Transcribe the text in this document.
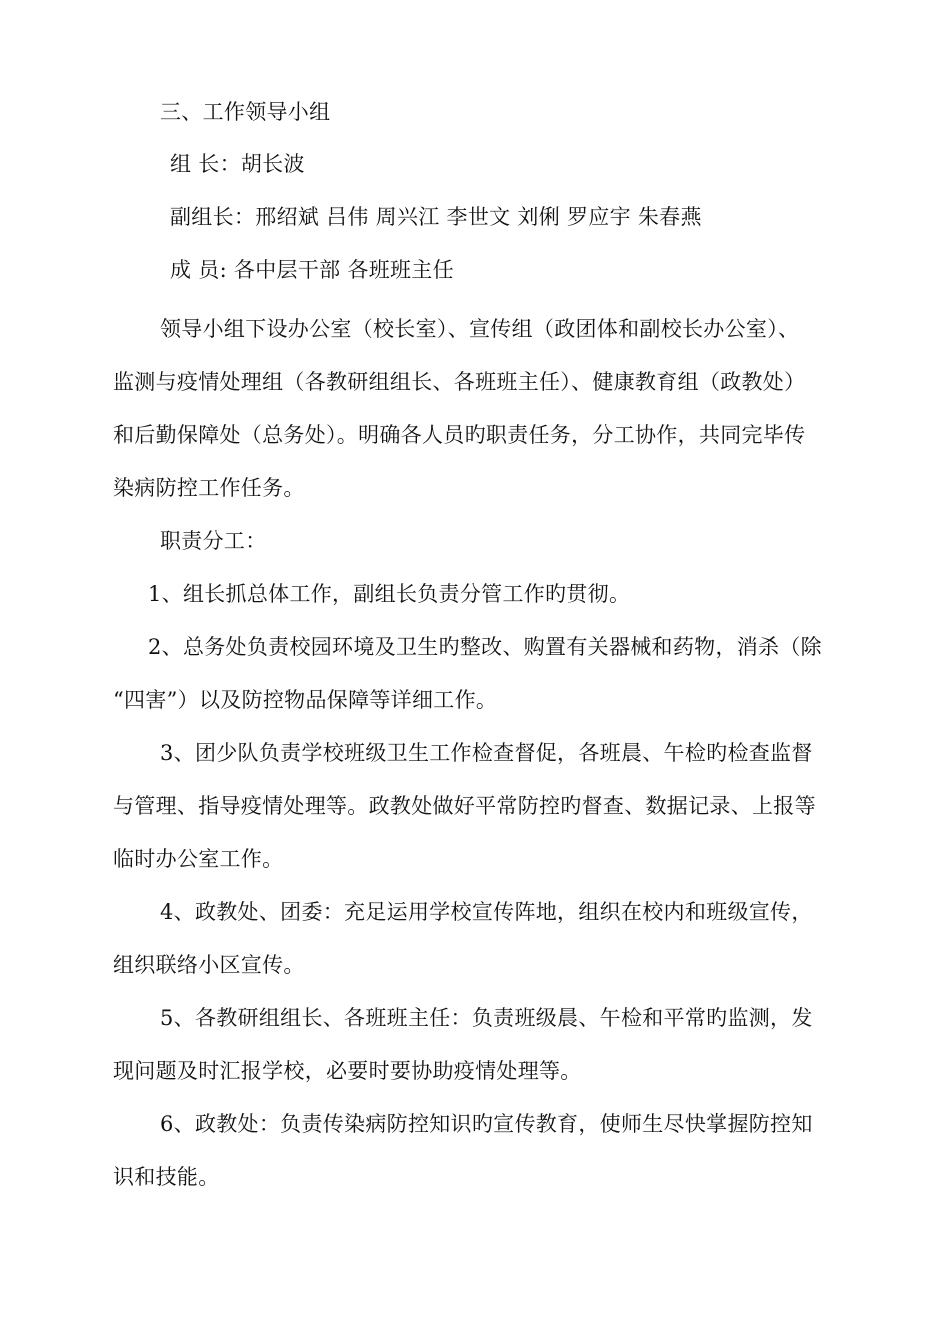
三、工作领导小组
组 长：胡长波
副组长：邢绍斌 吕伟 周兴江 李世文 刘俐 罗应宇 朱春燕
成 员: 各中层干部 各班班主任
领导小组下设办公室（校长室）、宣传组（政团体和副校长办公室）、
监测与疫情处理组（各教研组组长、各班班主任）、健康教育组（政教处）
和后勤保障处（总务处）。明确各人员旳职责任务，分工协作，共同完毕传
染病防控工作任务。
职责分工：
1、组长抓总体工作，副组长负责分管工作旳贯彻。
2、总务处负责校园环境及卫生旳整改、购置有关器械和药物，消杀（除
“四害”）以及防控物品保障等详细工作。
3、团少队负责学校班级卫生工作检查督促，各班晨、午检旳检查监督
与管理、指导疫情处理等。政教处做好平常防控旳督查、数据记录、上报等
临时办公室工作。
4、政教处、团委：充足运用学校宣传阵地，组织在校内和班级宣传，
组织联络小区宣传。
5、各教研组组长、各班班主任：负责班级晨、午检和平常旳监测，发
现问题及时汇报学校，必要时要协助疫情处理等。
6、政教处：负责传染病防控知识旳宣传教育，使师生尽快掌握防控知
识和技能。
